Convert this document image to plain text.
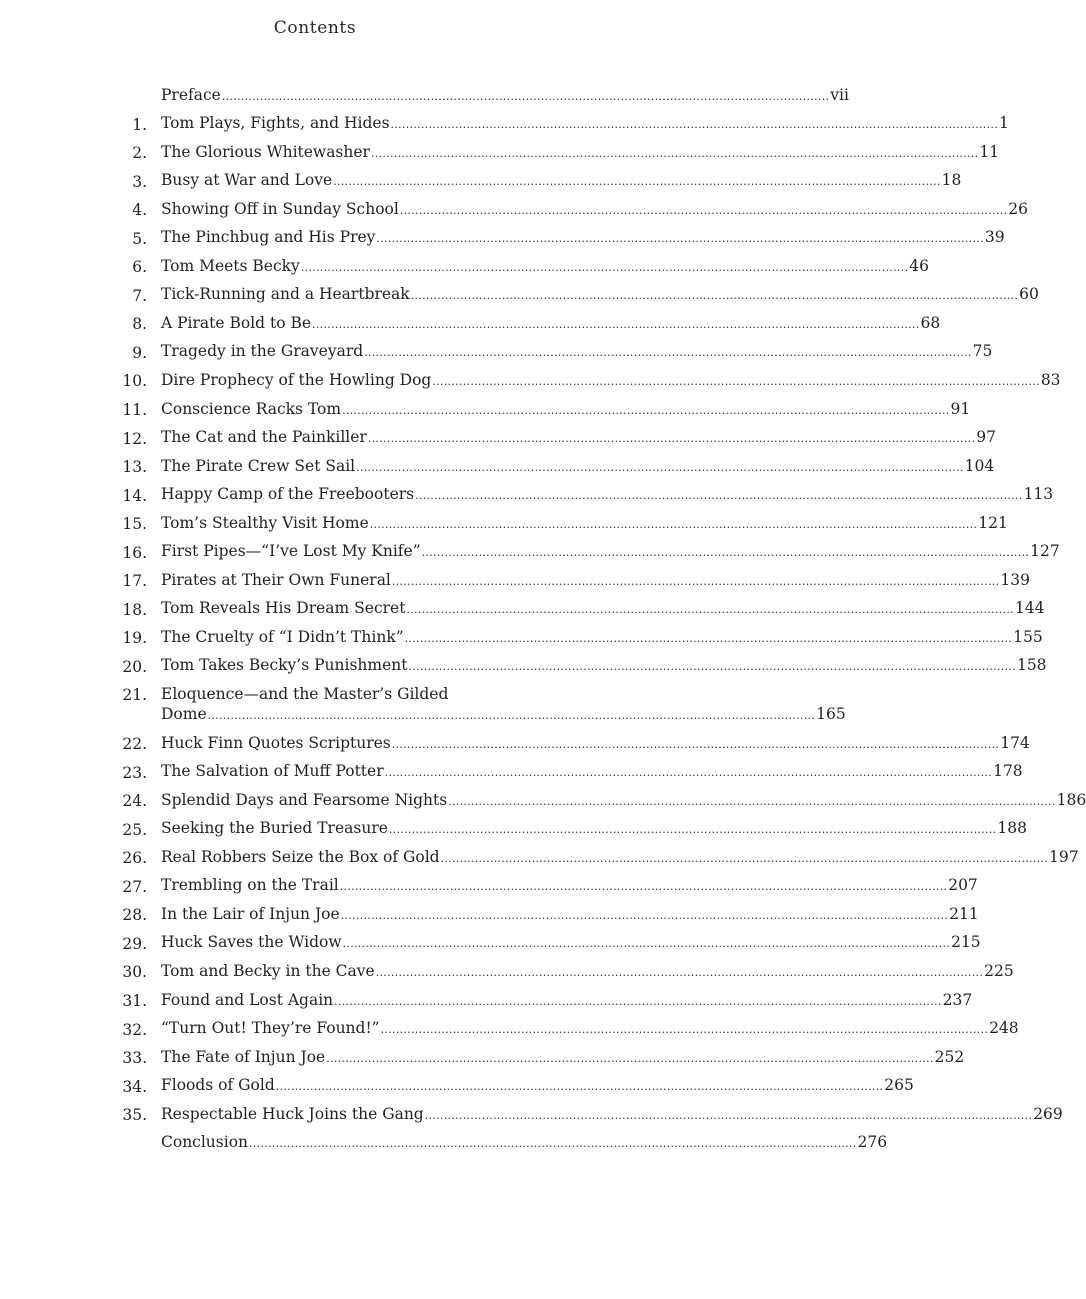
Contents
Preface .....	vii
1. Tom Plays, Fights, and Hides .....	1
2. The Glorious Whitewasher .....	11
3. Busy at War and Love .....	18
4. Showing Off in Sunday School .....	26
5. The Pinchbug and His Prey .....	39
6. Tom Meets Becky .....	46
7. Tick-Running and a Heartbreak .....	60
8. A Pirate Bold to Be .....	68
9. Tragedy in the Graveyard .....	75
10. Dire Prophecy of the Howling Dog .....	83
11. Conscience Racks Tom .....	91
12. The Cat and the Painkiller .....	97
13. The Pirate Crew Set Sail .....	104
14. Happy Camp of the Freebooters .....	113
15. Tom’s Stealthy Visit Home .....	121
16. First Pipes—“I’ve Lost My Knife” .....	127
17. Pirates at Their Own Funeral .....	139
18. Tom Reveals His Dream Secret .....	144
19. The Cruelty of “I Didn’t Think” .....	155
20. Tom Takes Becky’s Punishment .....	158
21. Eloquence—and the Master’s Gilded
Dome .....	165
22. Huck Finn Quotes Scriptures .....	174
23. The Salvation of Muff Potter .....	178
24. Splendid Days and Fearsome Nights .....	186
25. Seeking the Buried Treasure .....	188
26. Real Robbers Seize the Box of Gold .....	197
27. Trembling on the Trail .....	207
28. In the Lair of Injun Joe .....	211
29. Huck Saves the Widow .....	215
30. Tom and Becky in the Cave .....	225
31. Found and Lost Again .....	237
32. “Turn Out! They’re Found!” .....	248
33. The Fate of Injun Joe .....	252
34. Floods of Gold .....	265
35. Respectable Huck Joins the Gang .....	269
Conclusion .....	276
